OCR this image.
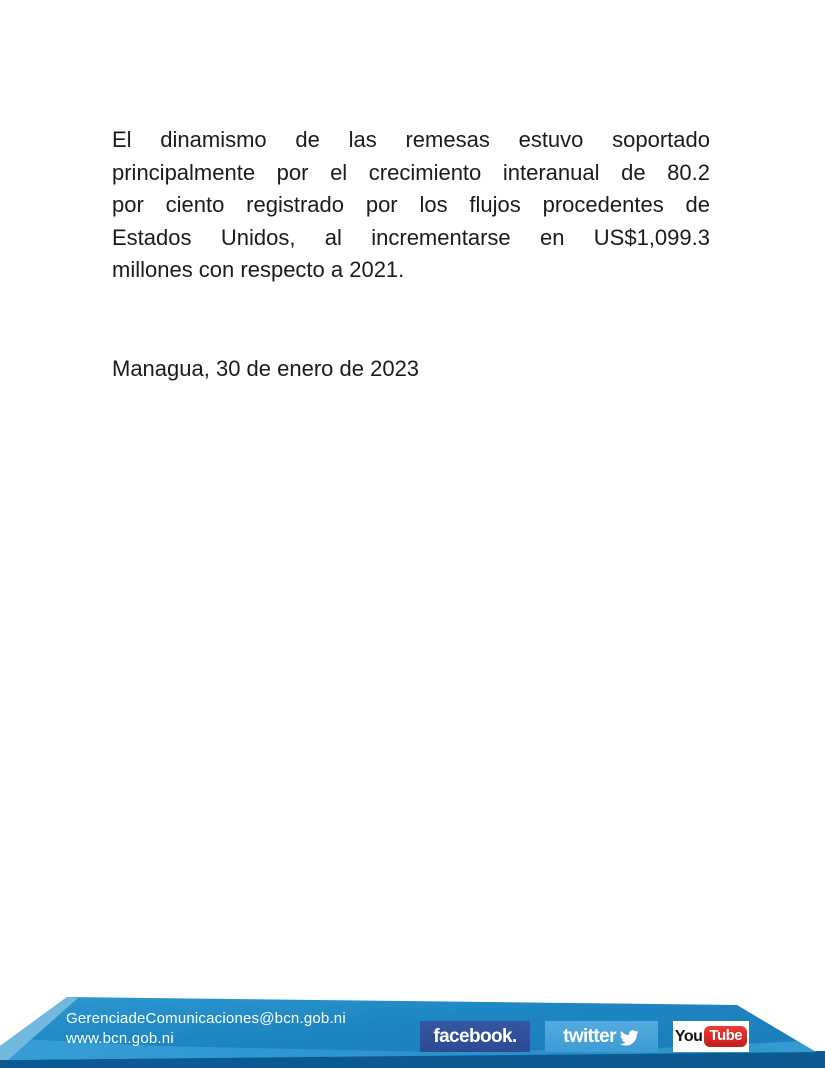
El dinamismo de las remesas estuvo soportado
principalmente por el crecimiento interanual de 80.2
por ciento registrado por los flujos procedentes de
Estados Unidos, al incrementarse en US$1,099.3
millones con respecto a 2021.
Managua, 30 de enero de 2023
GerenciadeComunicaciones@bcn.gob.ni
www.bcn.gob.ni	facebook. twitter	You Tube
